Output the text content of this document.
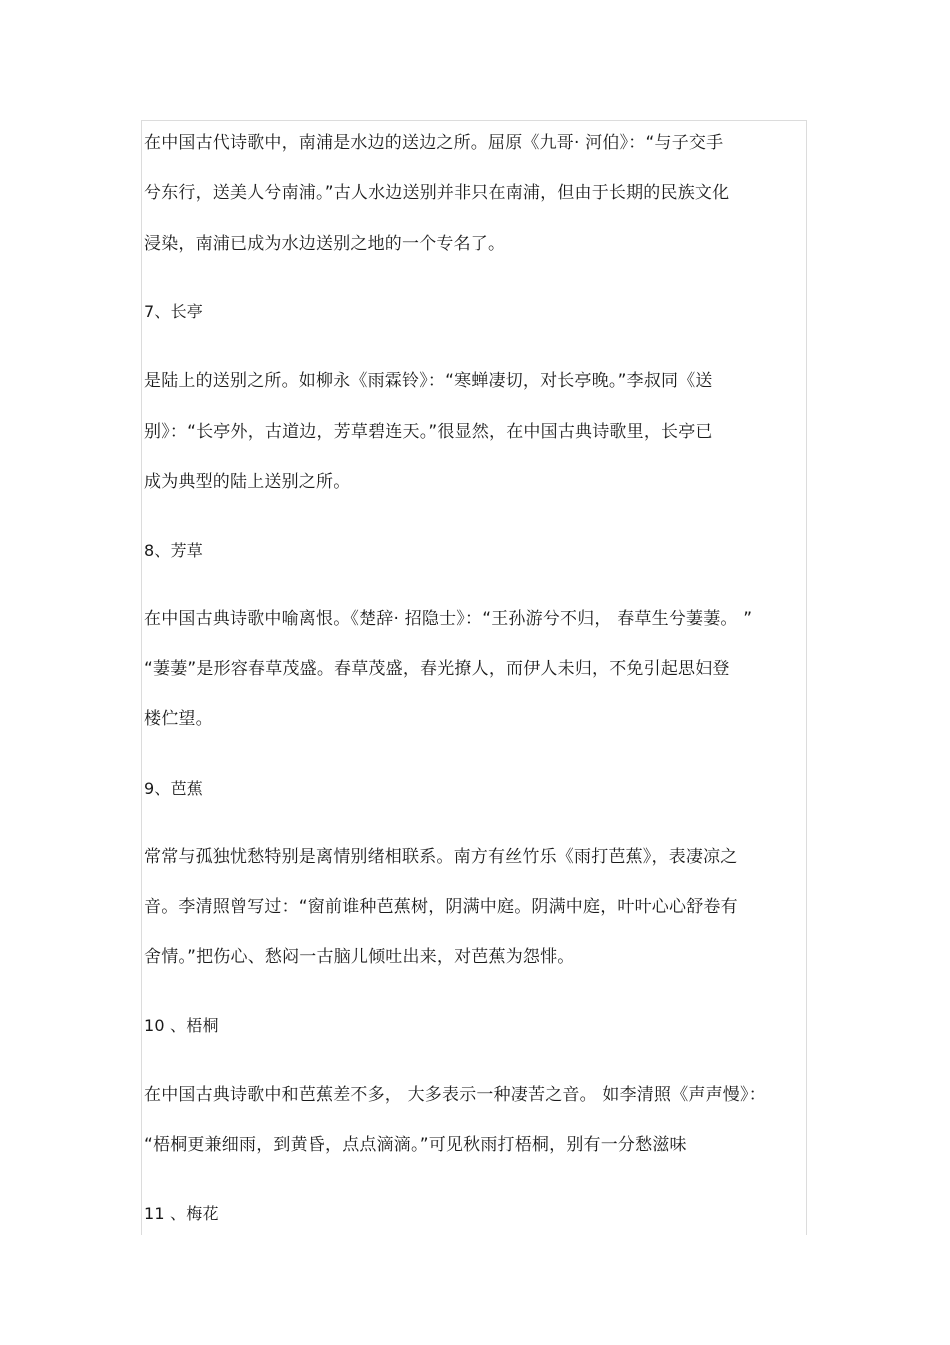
在中国古代诗歌中，南浦是水边的送边之所。屈原《九哥· 河伯》：“与子交手
兮东行，送美人兮南浦。”古人水边送别并非只在南浦，但由于长期的民族文化
浸染，南浦已成为水边送别之地的一个专名了。
7、长亭
是陆上的送别之所。如柳永《雨霖铃》：“寒蝉凄切，对长亭晚。”李叔同《送
别》：“长亭外，古道边，芳草碧连天。”很显然，在中国古典诗歌里，长亭已
成为典型的陆上送别之所。
8、芳草
在中国古典诗歌中喻离恨。《楚辞· 招隐士》：“王孙游兮不归， 春草生兮萋萋。 ”
“萋萋”是形容春草茂盛。春草茂盛，春光撩人，而伊人未归，不免引起思妇登
楼伫望。
9、芭蕉
常常与孤独忧愁特别是离情别绪相联系。南方有丝竹乐《雨打芭蕉》，表凄凉之
音。李清照曾写过：“窗前谁种芭蕉树，阴满中庭。阴满中庭，叶叶心心舒卷有
舍情。”把伤心、愁闷一古脑儿倾吐出来，对芭蕉为怨悱。
10 、梧桐
在中国古典诗歌中和芭蕉差不多， 大多表示一种凄苦之音。 如李清照《声声慢》：
“梧桐更兼细雨，到黄昏，点点滴滴。”可见秋雨打梧桐，别有一分愁滋味
11 、梅花
